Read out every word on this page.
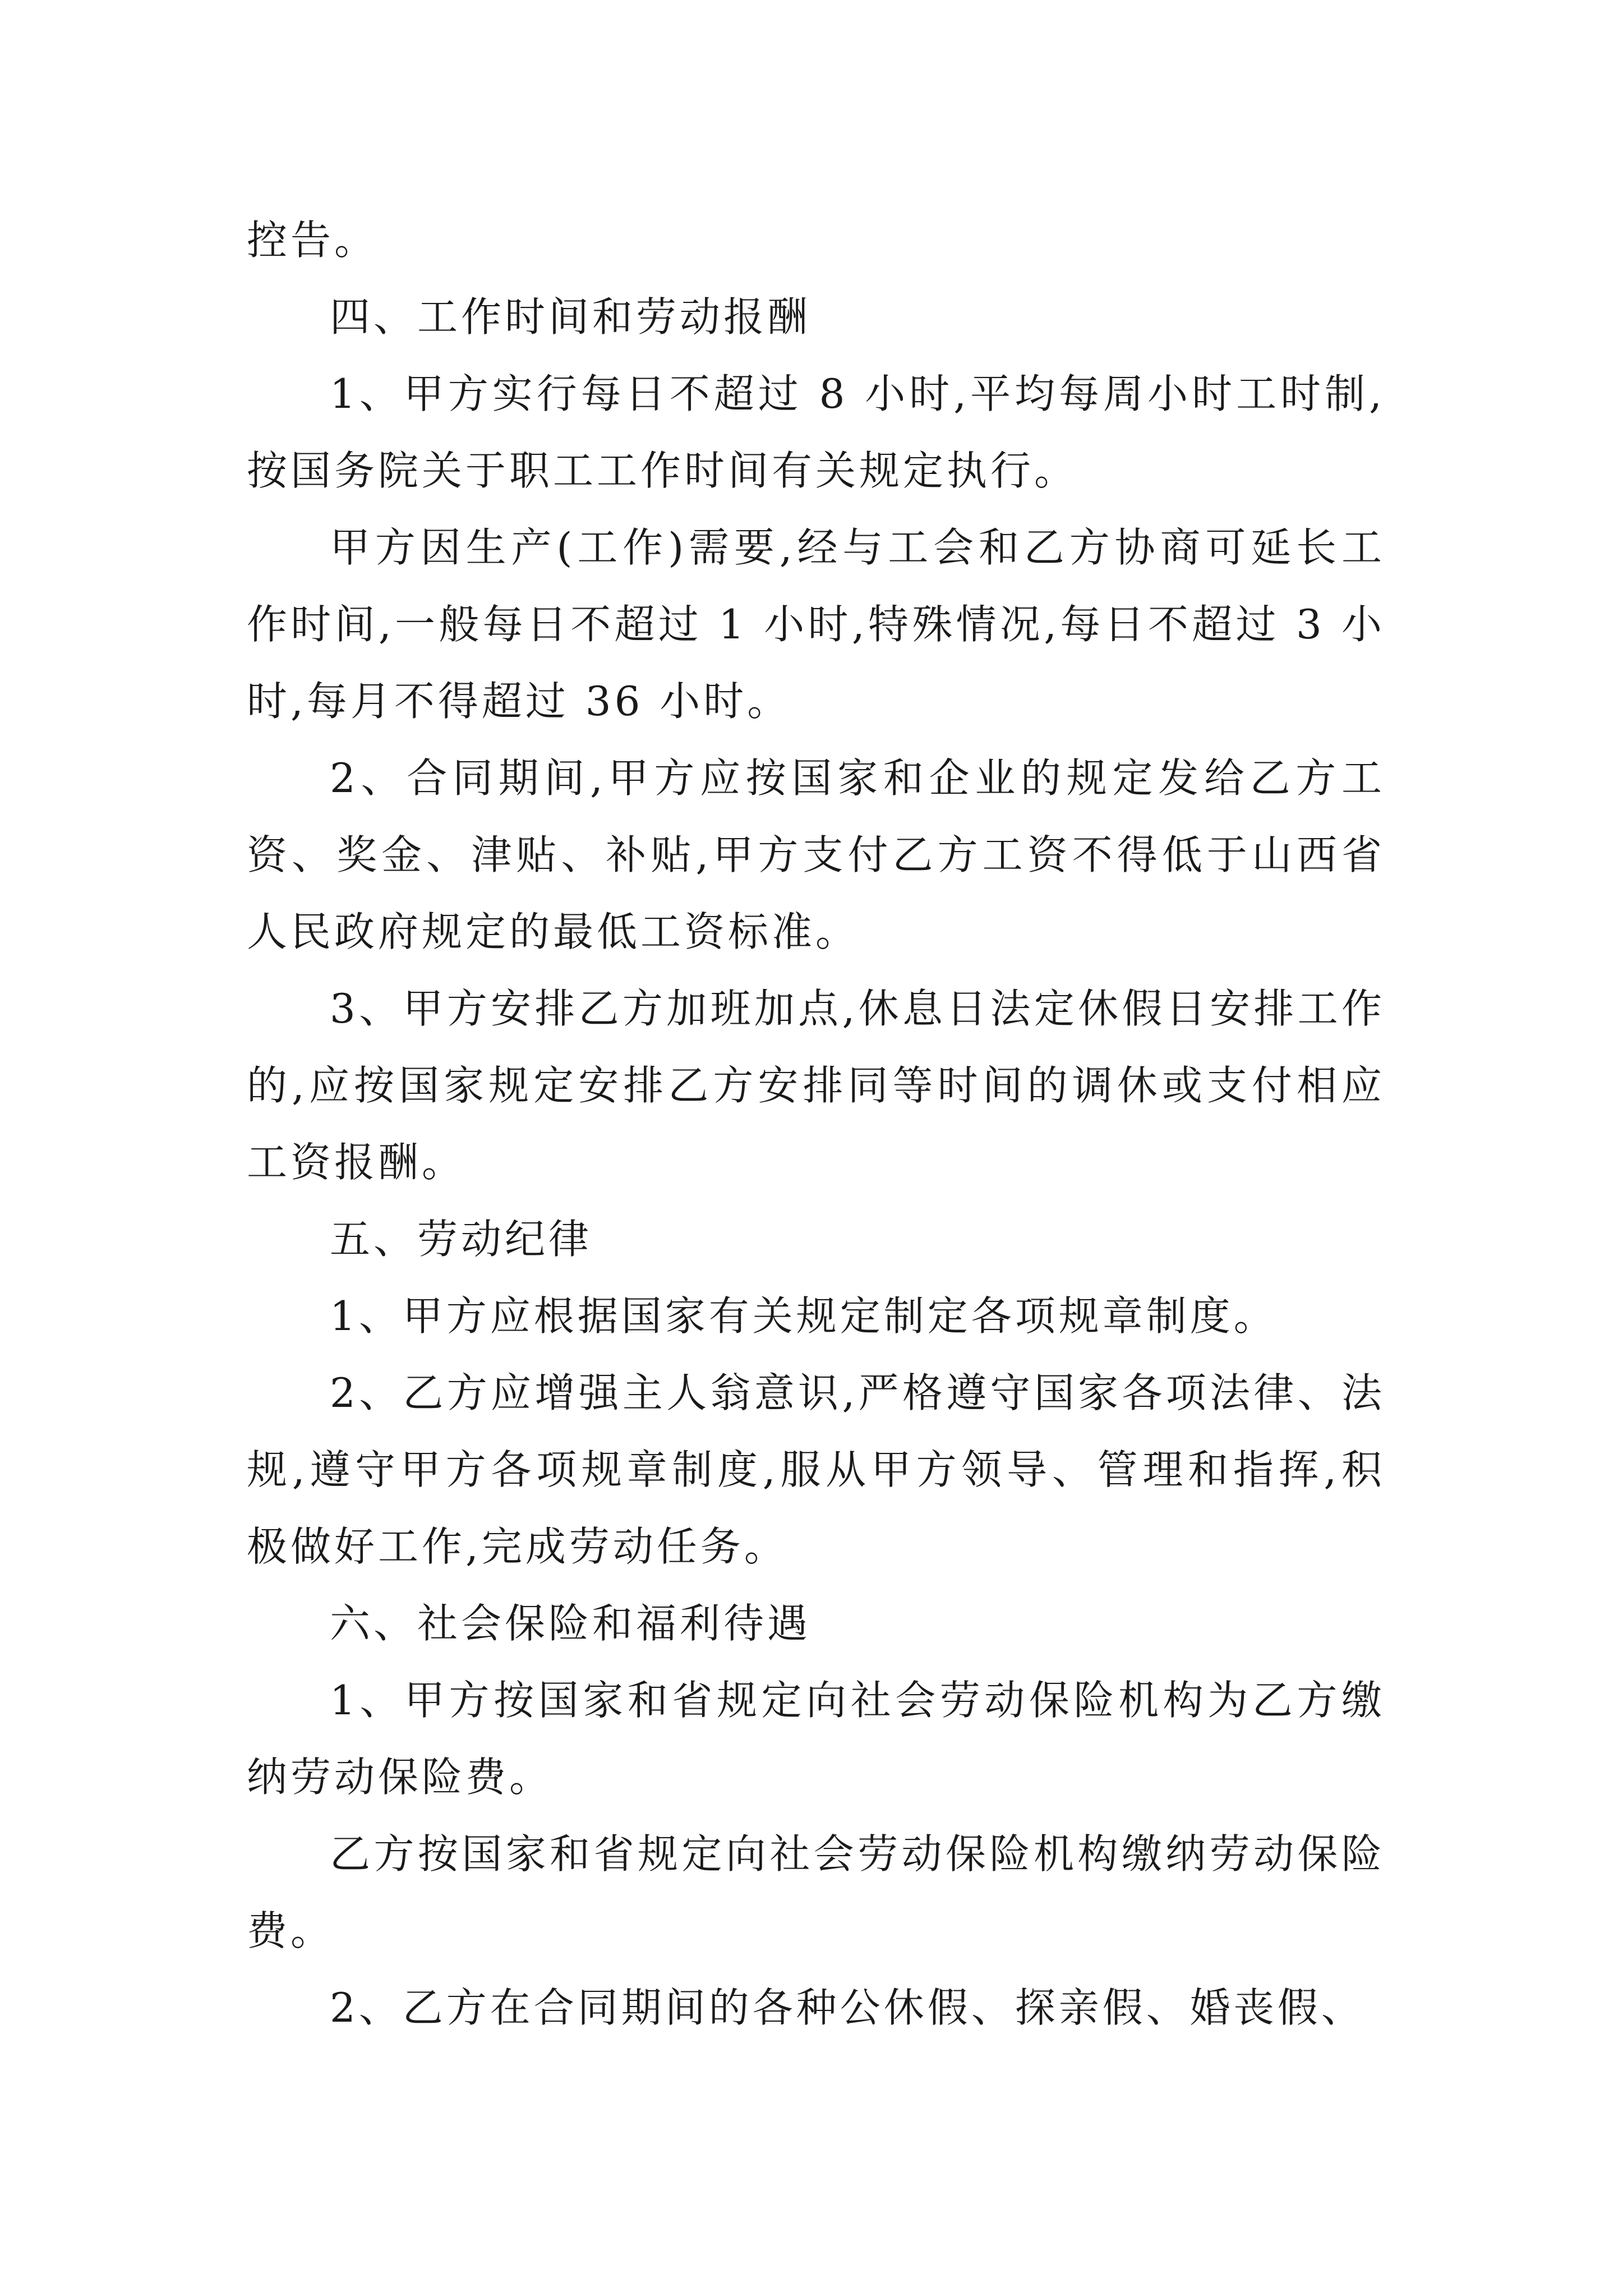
控告。

四、工作时间和劳动报酬

1、甲方实行每日不超过 8 小时,平均每周小时工时制,按国务院关于职工工作时间有关规定执行。

甲方因生产(工作)需要,经与工会和乙方协商可延长工作时间,一般每日不超过 1 小时,特殊情况,每日不超过 3 小时,每月不得超过 36 小时。

2、合同期间,甲方应按国家和企业的规定发给乙方工资、奖金、津贴、补贴,甲方支付乙方工资不得低于山西省人民政府规定的最低工资标准。

3、甲方安排乙方加班加点,休息日法定休假日安排工作的,应按国家规定安排乙方安排同等时间的调休或支付相应工资报酬。

五、劳动纪律

1、甲方应根据国家有关规定制定各项规章制度。

2、乙方应增强主人翁意识,严格遵守国家各项法律、法规,遵守甲方各项规章制度,服从甲方领导、管理和指挥,积极做好工作,完成劳动任务。

六、社会保险和福利待遇

1、甲方按国家和省规定向社会劳动保险机构为乙方缴纳劳动保险费。

乙方按国家和省规定向社会劳动保险机构缴纳劳动保险费。

2、乙方在合同期间的各种公休假、探亲假、婚丧假、
